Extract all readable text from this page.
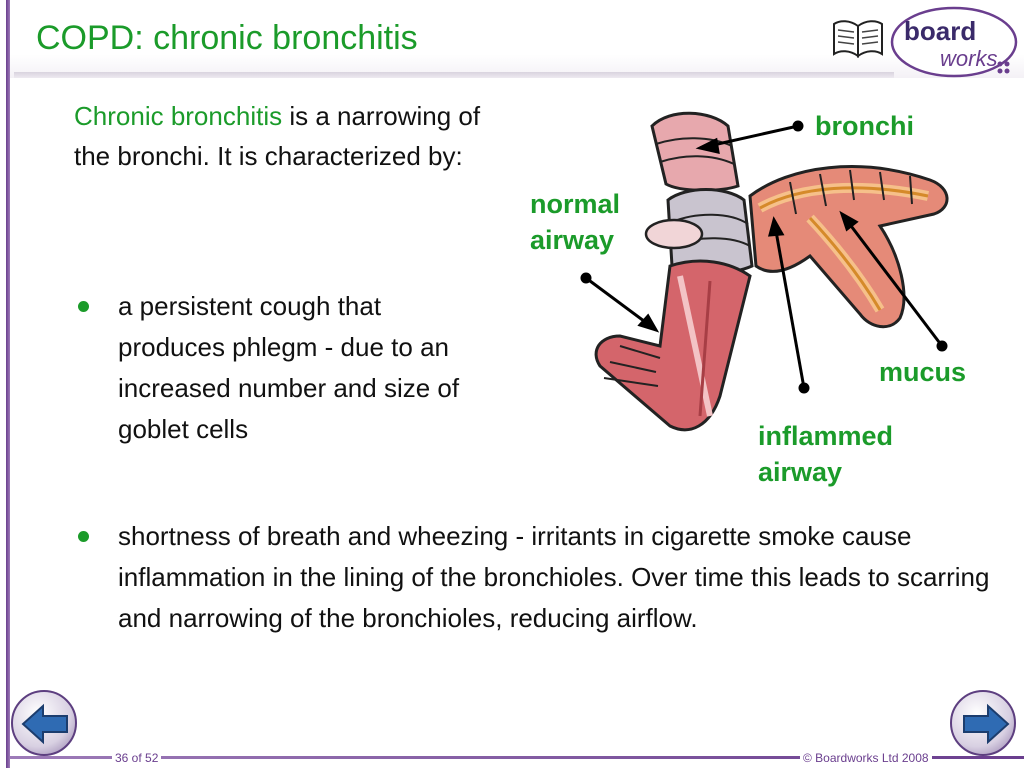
COPD: chronic bronchitis	board
works
Chronic bronchitis is a narrowing of the bronchi. It is characterized by:
a persistent cough that produces phlegm - due to an increased number and size of goblet cells
shortness of breath and wheezing - irritants in cigarette smoke cause inflammation in the lining of the bronchioles. Over time this leads to scarring and narrowing of the bronchioles, reducing airflow.
bronchi
normal airway
mucus
inflammed airway
36 of 52	© Boardworks Ltd 2008
